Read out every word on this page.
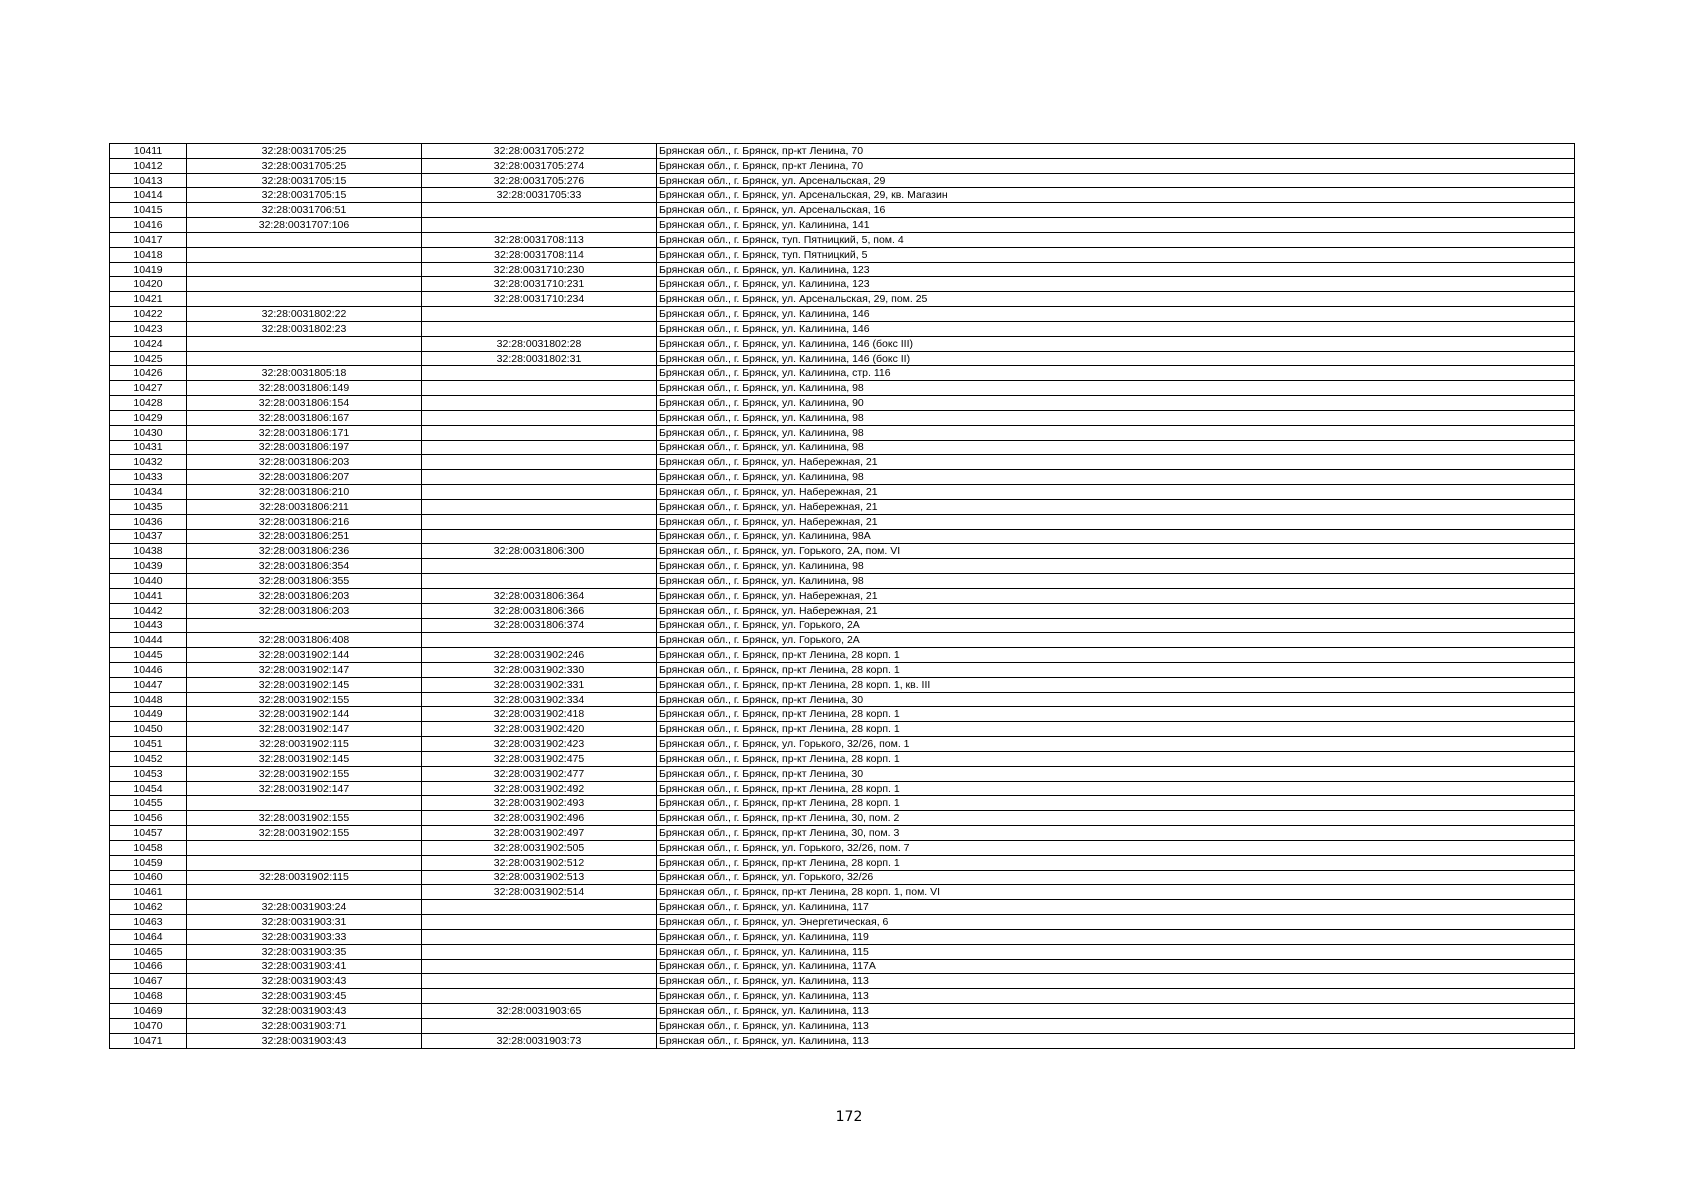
10411	32:28:0031705:25	32:28:0031705:272	Брянская обл., г. Брянск, пр-кт Ленина, 70
10412	32:28:0031705:25	32:28:0031705:274	Брянская обл., г. Брянск, пр-кт Ленина, 70
10413	32:28:0031705:15	32:28:0031705:276	Брянская обл., г. Брянск, ул. Арсенальская, 29
10414	32:28:0031705:15	32:28:0031705:33	Брянская обл., г. Брянск, ул. Арсенальская, 29, кв. Магазин
10415	32:28:0031706:51		Брянская обл., г. Брянск, ул. Арсенальская, 16
10416	32:28:0031707:106		Брянская обл., г. Брянск, ул. Калинина, 141
10417		32:28:0031708:113	Брянская обл., г. Брянск, туп. Пятницкий, 5, пом. 4
10418		32:28:0031708:114	Брянская обл., г. Брянск, туп. Пятницкий, 5
10419		32:28:0031710:230	Брянская обл., г. Брянск, ул. Калинина, 123
10420		32:28:0031710:231	Брянская обл., г. Брянск, ул. Калинина, 123
10421		32:28:0031710:234	Брянская обл., г. Брянск, ул. Арсенальская, 29, пом. 25
10422	32:28:0031802:22		Брянская обл., г. Брянск, ул. Калинина, 146
10423	32:28:0031802:23		Брянская обл., г. Брянск, ул. Калинина, 146
10424		32:28:0031802:28	Брянская обл., г. Брянск, ул. Калинина, 146 (бокс III)
10425		32:28:0031802:31	Брянская обл., г. Брянск, ул. Калинина, 146 (бокс II)
10426	32:28:0031805:18		Брянская обл., г. Брянск, ул. Калинина, стр. 116
10427	32:28:0031806:149		Брянская обл., г. Брянск, ул. Калинина, 98
10428	32:28:0031806:154		Брянская обл., г. Брянск, ул. Калинина, 90
10429	32:28:0031806:167		Брянская обл., г. Брянск, ул. Калинина, 98
10430	32:28:0031806:171		Брянская обл., г. Брянск, ул. Калинина, 98
10431	32:28:0031806:197		Брянская обл., г. Брянск, ул. Калинина, 98
10432	32:28:0031806:203		Брянская обл., г. Брянск, ул. Набережная, 21
10433	32:28:0031806:207		Брянская обл., г. Брянск, ул. Калинина, 98
10434	32:28:0031806:210		Брянская обл., г. Брянск, ул. Набережная, 21
10435	32:28:0031806:211		Брянская обл., г. Брянск, ул. Набережная, 21
10436	32:28:0031806:216		Брянская обл., г. Брянск, ул. Набережная, 21
10437	32:28:0031806:251		Брянская обл., г. Брянск, ул. Калинина, 98А
10438	32:28:0031806:236	32:28:0031806:300	Брянская обл., г. Брянск, ул. Горького, 2А, пом. VI
10439	32:28:0031806:354		Брянская обл., г. Брянск, ул. Калинина, 98
10440	32:28:0031806:355		Брянская обл., г. Брянск, ул. Калинина, 98
10441	32:28:0031806:203	32:28:0031806:364	Брянская обл., г. Брянск, ул. Набережная, 21
10442	32:28:0031806:203	32:28:0031806:366	Брянская обл., г. Брянск, ул. Набережная, 21
10443		32:28:0031806:374	Брянская обл., г. Брянск, ул. Горького, 2А
10444	32:28:0031806:408		Брянская обл., г. Брянск, ул. Горького, 2А
10445	32:28:0031902:144	32:28:0031902:246	Брянская обл., г. Брянск, пр-кт Ленина, 28 корп. 1
10446	32:28:0031902:147	32:28:0031902:330	Брянская обл., г. Брянск, пр-кт Ленина, 28 корп. 1
10447	32:28:0031902:145	32:28:0031902:331	Брянская обл., г. Брянск, пр-кт Ленина, 28 корп. 1, кв. III
10448	32:28:0031902:155	32:28:0031902:334	Брянская обл., г. Брянск, пр-кт Ленина, 30
10449	32:28:0031902:144	32:28:0031902:418	Брянская обл., г. Брянск, пр-кт Ленина, 28 корп. 1
10450	32:28:0031902:147	32:28:0031902:420	Брянская обл., г. Брянск, пр-кт Ленина, 28 корп. 1
10451	32:28:0031902:115	32:28:0031902:423	Брянская обл., г. Брянск, ул. Горького, 32/26, пом. 1
10452	32:28:0031902:145	32:28:0031902:475	Брянская обл., г. Брянск, пр-кт Ленина, 28 корп. 1
10453	32:28:0031902:155	32:28:0031902:477	Брянская обл., г. Брянск, пр-кт Ленина, 30
10454	32:28:0031902:147	32:28:0031902:492	Брянская обл., г. Брянск, пр-кт Ленина, 28 корп. 1
10455		32:28:0031902:493	Брянская обл., г. Брянск, пр-кт Ленина, 28 корп. 1
10456	32:28:0031902:155	32:28:0031902:496	Брянская обл., г. Брянск, пр-кт Ленина, 30, пом. 2
10457	32:28:0031902:155	32:28:0031902:497	Брянская обл., г. Брянск, пр-кт Ленина, 30, пом. 3
10458		32:28:0031902:505	Брянская обл., г. Брянск, ул. Горького, 32/26, пом. 7
10459		32:28:0031902:512	Брянская обл., г. Брянск, пр-кт Ленина, 28 корп. 1
10460	32:28:0031902:115	32:28:0031902:513	Брянская обл., г. Брянск, ул. Горького, 32/26
10461		32:28:0031902:514	Брянская обл., г. Брянск, пр-кт Ленина, 28 корп. 1, пом. VI
10462	32:28:0031903:24		Брянская обл., г. Брянск, ул. Калинина, 117
10463	32:28:0031903:31		Брянская обл., г. Брянск, ул. Энергетическая, 6
10464	32:28:0031903:33		Брянская обл., г. Брянск, ул. Калинина, 119
10465	32:28:0031903:35		Брянская обл., г. Брянск, ул. Калинина, 115
10466	32:28:0031903:41		Брянская обл., г. Брянск, ул. Калинина, 117А
10467	32:28:0031903:43		Брянская обл., г. Брянск, ул. Калинина, 113
10468	32:28:0031903:45		Брянская обл., г. Брянск, ул. Калинина, 113
10469	32:28:0031903:43	32:28:0031903:65	Брянская обл., г. Брянск, ул. Калинина, 113
10470	32:28:0031903:71		Брянская обл., г. Брянск, ул. Калинина, 113
10471	32:28:0031903:43	32:28:0031903:73	Брянская обл., г. Брянск, ул. Калинина, 113
172
